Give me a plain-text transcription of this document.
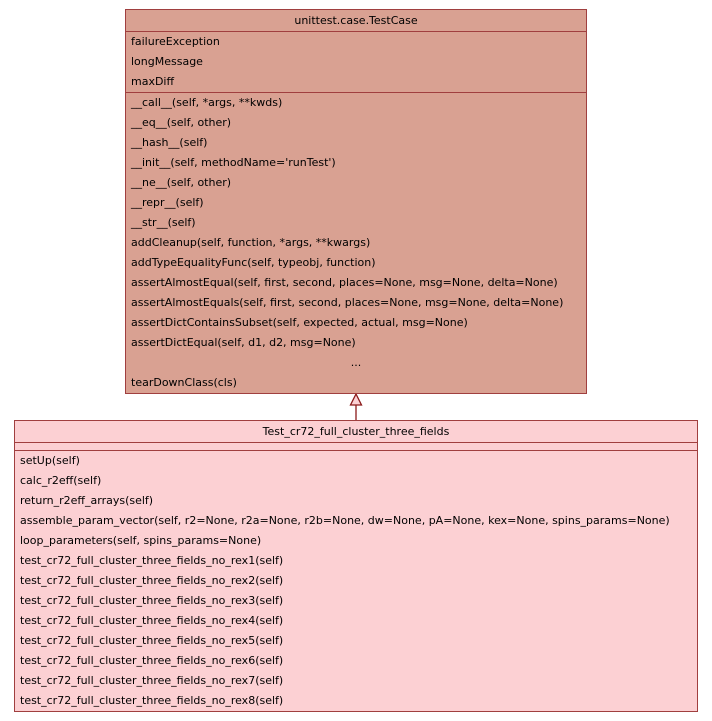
unittest.case.TestCase
failureException
longMessage
maxDiff
__call__(self, *args, **kwds)
__eq__(self, other)
__hash__(self)
__init__(self, methodName='runTest')
__ne__(self, other)
__repr__(self)
__str__(self)
addCleanup(self, function, *args, **kwargs)
addTypeEqualityFunc(self, typeobj, function)
assertAlmostEqual(self, first, second, places=None, msg=None, delta=None)
assertAlmostEquals(self, first, second, places=None, msg=None, delta=None)
assertDictContainsSubset(self, expected, actual, msg=None)
assertDictEqual(self, d1, d2, msg=None)
...
tearDownClass(cls)
Test_cr72_full_cluster_three_fields
setUp(self)
calc_r2eff(self)
return_r2eff_arrays(self)
assemble_param_vector(self, r2=None, r2a=None, r2b=None, dw=None, pA=None, kex=None, spins_params=None)
loop_parameters(self, spins_params=None)
test_cr72_full_cluster_three_fields_no_rex1(self)
test_cr72_full_cluster_three_fields_no_rex2(self)
test_cr72_full_cluster_three_fields_no_rex3(self)
test_cr72_full_cluster_three_fields_no_rex4(self)
test_cr72_full_cluster_three_fields_no_rex5(self)
test_cr72_full_cluster_three_fields_no_rex6(self)
test_cr72_full_cluster_three_fields_no_rex7(self)
test_cr72_full_cluster_three_fields_no_rex8(self)
